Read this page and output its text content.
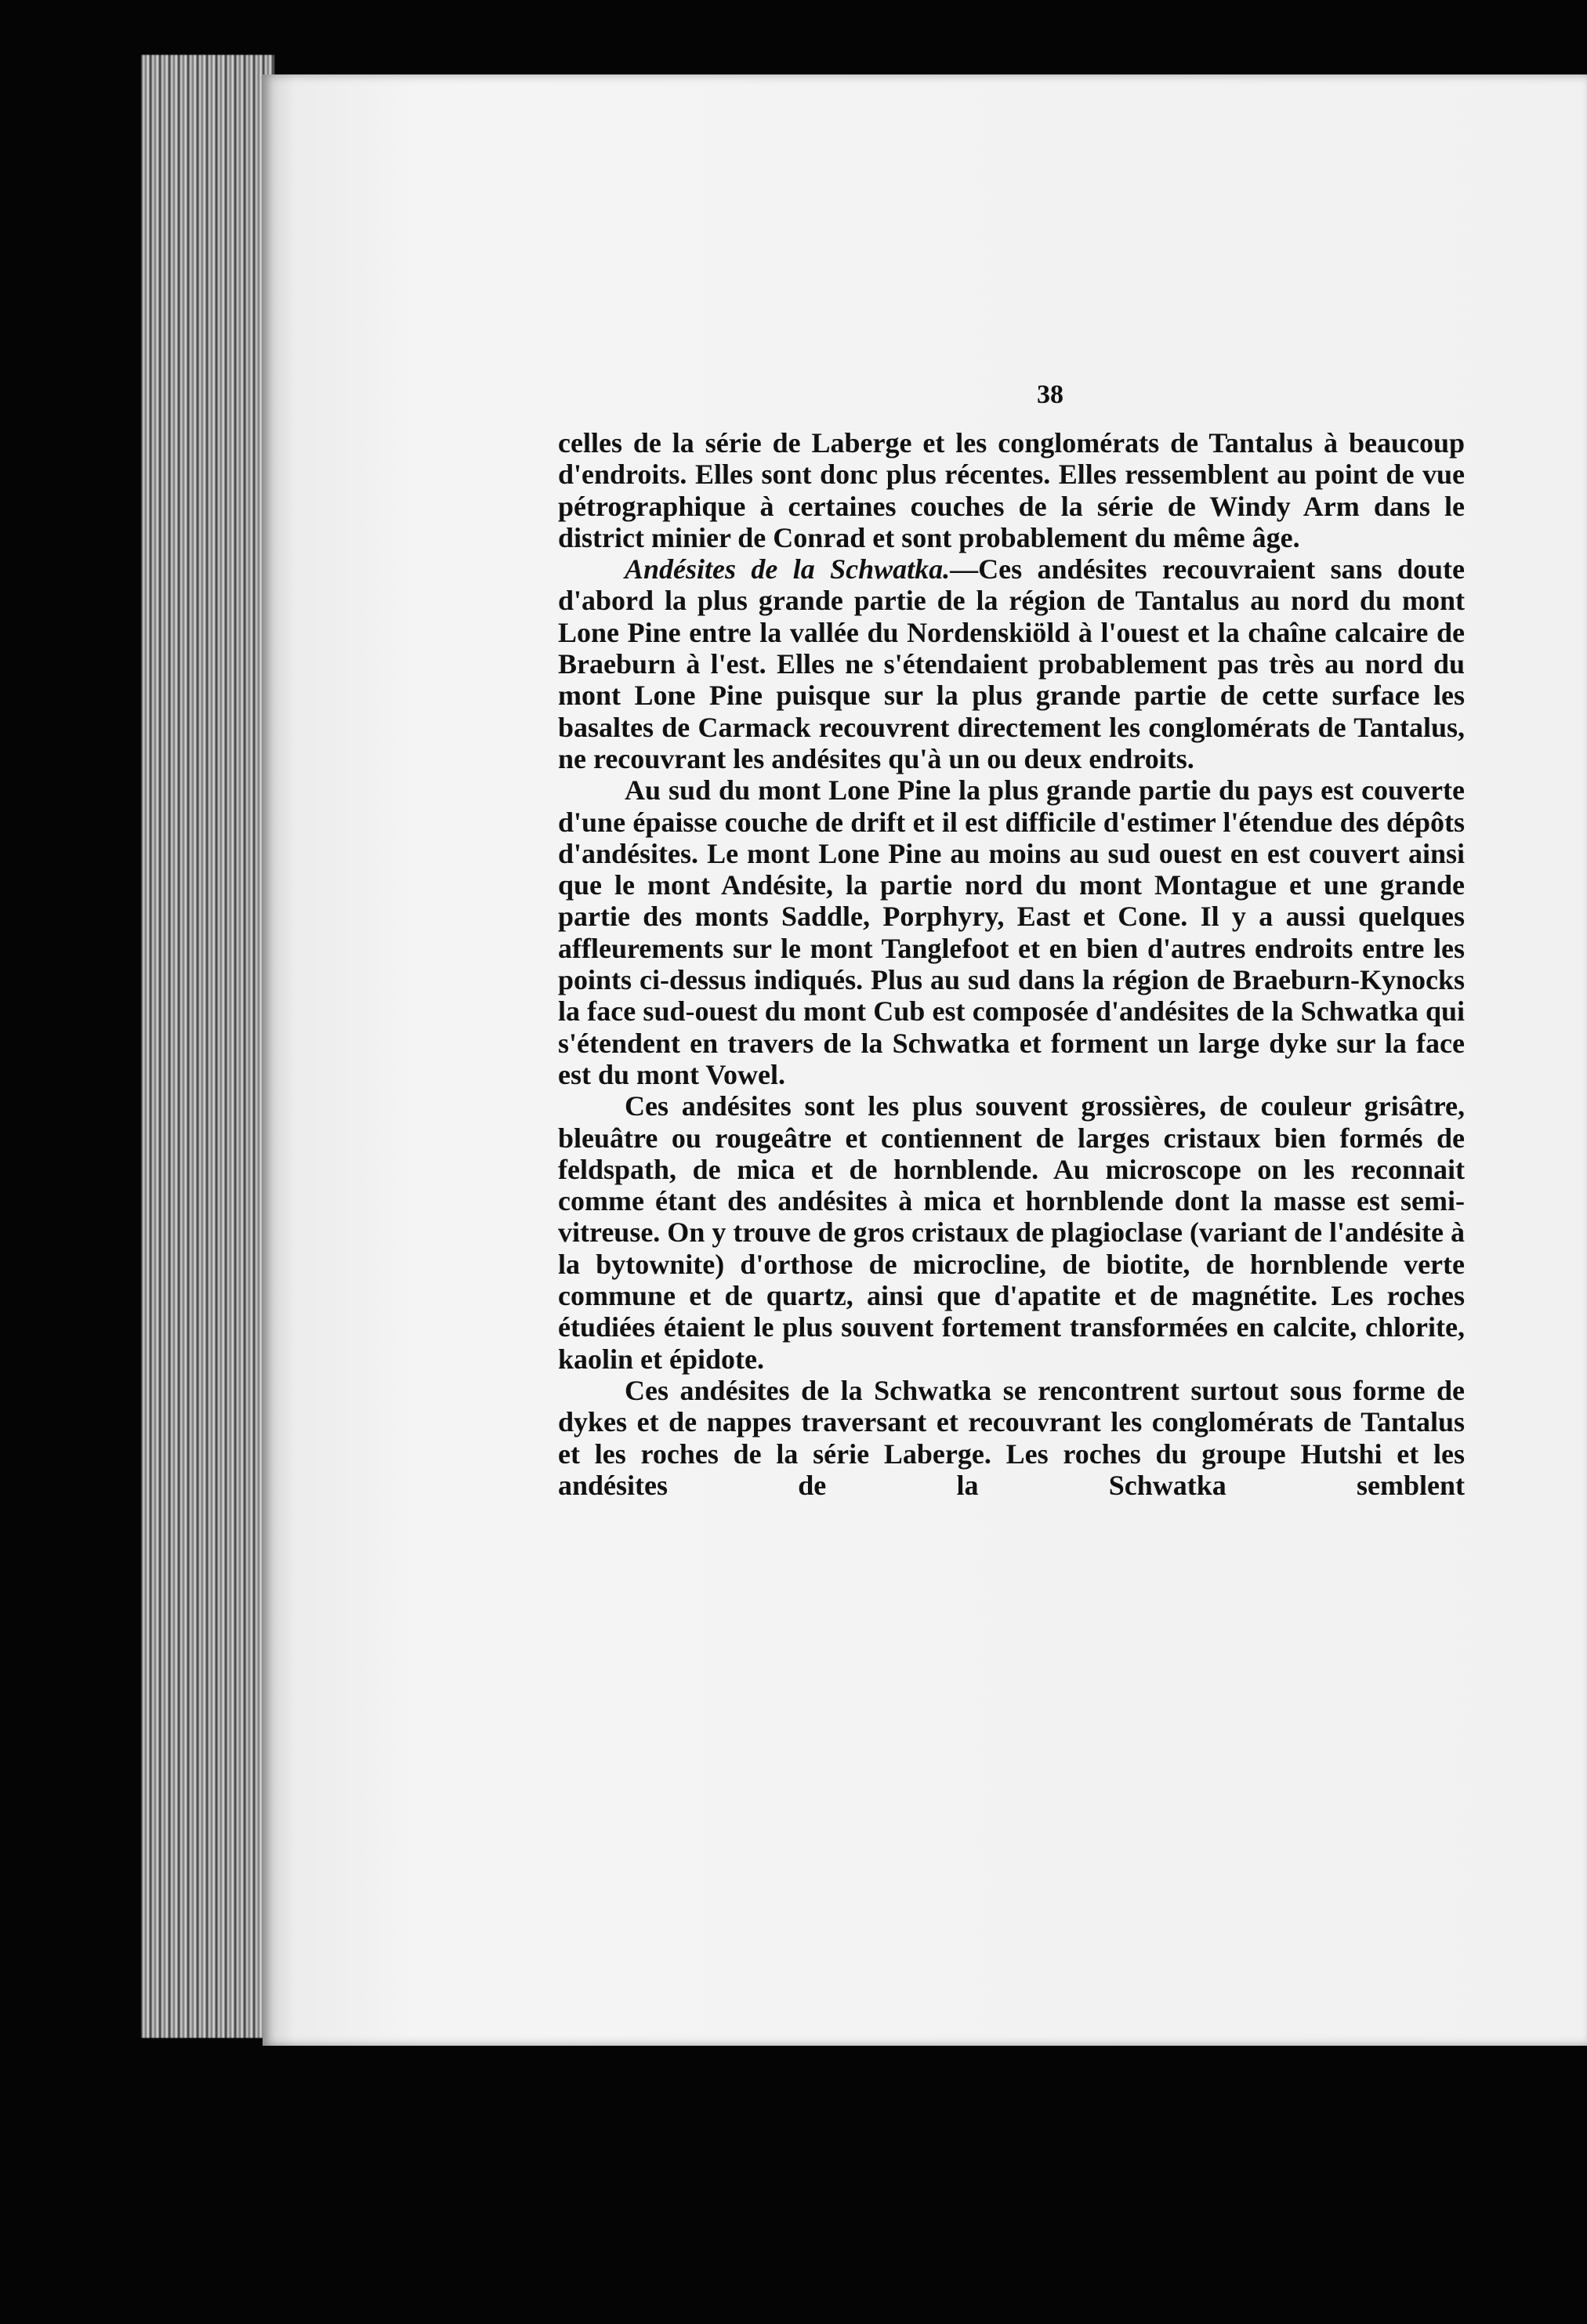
38

celles de la série de Laberge et les conglomérats de Tantalus à beaucoup d'endroits. Elles sont donc plus récentes. Elles ressemblent au point de vue pétrographique à certaines couches de la série de Windy Arm dans le district minier de Conrad et sont probablement du même âge.

Andésites de la Schwatka.—Ces andésites recouvraient sans doute d'abord la plus grande partie de la région de Tantalus au nord du mont Lone Pine entre la vallée du Nordenskiöld à l'ouest et la chaîne calcaire de Braeburn à l'est. Elles ne s'étendaient probablement pas très au nord du mont Lone Pine puisque sur la plus grande partie de cette surface les basaltes de Carmack recouvrent directement les conglomérats de Tantalus, ne recouvrant les andésites qu'à un ou deux endroits.

Au sud du mont Lone Pine la plus grande partie du pays est couverte d'une épaisse couche de drift et il est difficile d'estimer l'étendue des dépôts d'andésites. Le mont Lone Pine au moins au sud ouest en est couvert ainsi que le mont Andésite, la partie nord du mont Montague et une grande partie des monts Saddle, Porphyry, East et Cone. Il y a aussi quelques affleurements sur le mont Tanglefoot et en bien d'autres endroits entre les points ci-dessus indiqués. Plus au sud dans la région de Braeburn-Kynocks la face sud-ouest du mont Cub est composée d'andésites de la Schwatka qui s'étendent en travers de la Schwatka et forment un large dyke sur la face est du mont Vowel.

Ces andésites sont les plus souvent grossières, de couleur grisâtre, bleuâtre ou rougeâtre et contiennent de larges cristaux bien formés de feldspath, de mica et de hornblende. Au microscope on les reconnait comme étant des andésites à mica et hornblende dont la masse est semi-vitreuse. On y trouve de gros cristaux de plagioclase (variant de l'andésite à la bytownite) d'orthose de microcline, de biotite, de hornblende verte commune et de quartz, ainsi que d'apatite et de magnétite. Les roches étudiées étaient le plus souvent fortement transformées en calcite, chlorite, kaolin et épidote.

Ces andésites de la Schwatka se rencontrent surtout sous forme de dykes et de nappes traversant et recouvrant les conglomérats de Tantalus et les roches de la série Laberge. Les roches du groupe Hutshi et les andésites de la Schwatka semblent
